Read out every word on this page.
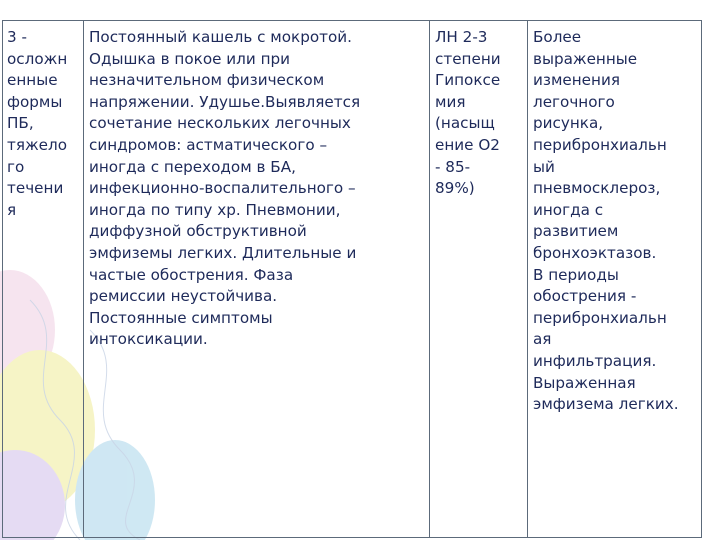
3 -
осложн
енные
формы
ПБ,
тяжело
го
течени
я
Постоянный кашель с мокротой.
Одышка в покое или при
незначительном физическом
напряжении. Удушье.Выявляется
сочетание нескольких легочных
синдромов: астматического –
иногда с переходом в БА,
инфекционно-воспалительного –
иногда по типу хр. Пневмонии,
диффузной обструктивной
эмфиземы легких. Длительные и
частые обострения. Фаза
ремиссии неустойчива.
Постоянные симптомы
интоксикации.
ЛН 2-3
степени
Гипоксе
мия
(насыщ
ение О2
- 85-
89%)
Более
выраженные
изменения
легочного
рисунка,
перибронхиальн
ый
пневмосклероз,
иногда с
развитием
бронхоэктазов.
В периоды
обострения -
перибронхиальн
ая
инфильтрация.
Выраженная
эмфизема легких.
